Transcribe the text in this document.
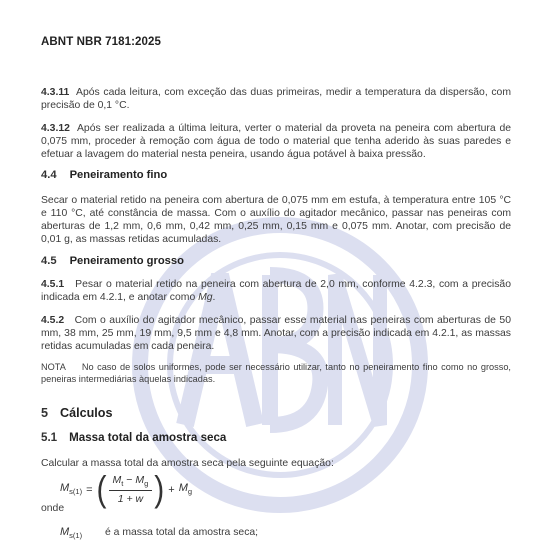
ABNT NBR 7181:2025

4.3.11 Após cada leitura, com exceção das duas primeiras, medir a temperatura da dispersão, com precisão de 0,1 °C.

4.3.12 Após ser realizada a última leitura, verter o material da proveta na peneira com abertura de 0,075 mm, proceder à remoção com água de todo o material que tenha aderido às suas paredes e efetuar a lavagem do material nesta peneira, usando água potável à baixa pressão.

4.4 Peneiramento fino

Secar o material retido na peneira com abertura de 0,075 mm em estufa, à temperatura entre 105 °C e 110 °C, até constância de massa. Com o auxílio do agitador mecânico, passar nas peneiras com aberturas de 1,2 mm, 0,6 mm, 0,42 mm, 0,25 mm, 0,15 mm e 0,075 mm. Anotar, com precisão de 0,01 g, as massas retidas acumuladas.

4.5 Peneiramento grosso

4.5.1 Pesar o material retido na peneira com abertura de 2,0 mm, conforme 4.2.3, com a precisão indicada em 4.2.1, e anotar como Mg.

4.5.2 Com o auxílio do agitador mecânico, passar esse material nas peneiras com aberturas de 50 mm, 38 mm, 25 mm, 19 mm, 9,5 mm e 4,8 mm. Anotar, com a precisão indicada em 4.2.1, as massas retidas acumuladas em cada peneira.

NOTA No caso de solos uniformes, pode ser necessário utilizar, tanto no peneiramento fino como no grosso, peneiras intermediárias àquelas indicadas.
5 Cálculos
5.1 Massa total da amostra seca

Calcular a massa total da amostra seca pela seguinte equação:

$M_{s(1)}$ = ( $\frac{M_t - M_g}{1 + w}$ ) + $M_g$

onde

$M_{s(1)}$ é a massa total da amostra seca;
